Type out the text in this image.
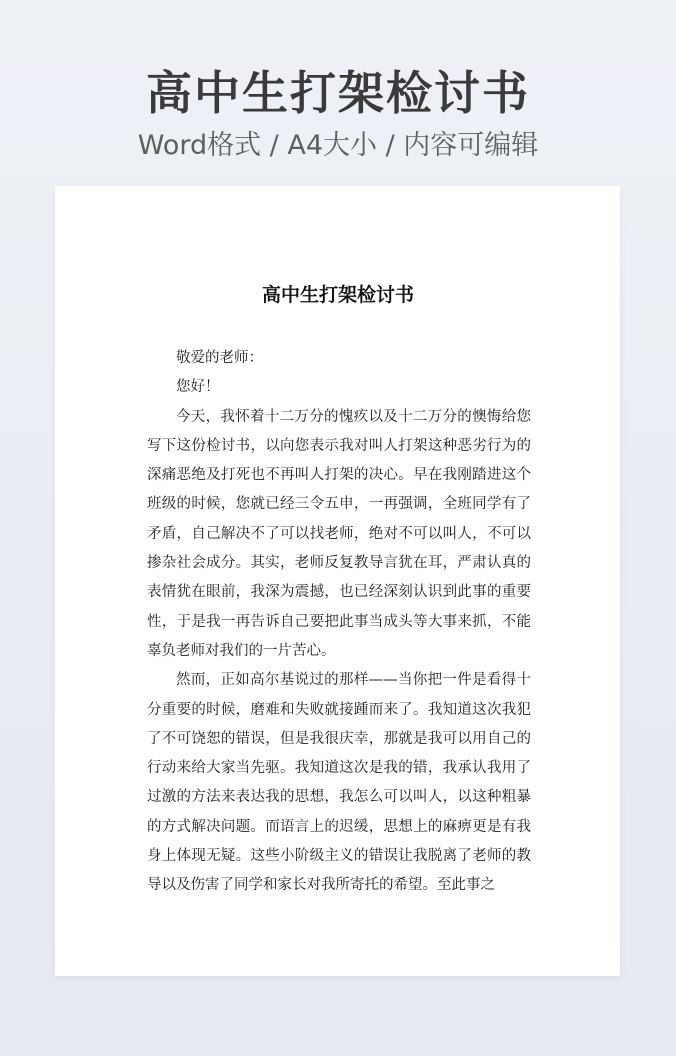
高中生打架检讨书
Word格式 / A4大小 / 内容可编辑
高中生打架检讨书

敬爱的老师：

您好！

今天，我怀着十二万分的愧疚以及十二万分的懊悔给您写下这份检讨书，以向您表示我对叫人打架这种恶劣行为的深痛恶绝及打死也不再叫人打架的决心。早在我刚踏进这个班级的时候，您就已经三令五申，一再强调，全班同学有了矛盾，自己解决不了可以找老师，绝对不可以叫人，不可以掺杂社会成分。其实，老师反复教导言犹在耳，严肃认真的表情犹在眼前，我深为震撼，也已经深刻认识到此事的重要性，于是我一再告诉自己要把此事当成头等大事来抓，不能辜负老师对我们的一片苦心。

然而，正如高尔基说过的那样——当你把一件是看得十分重要的时候，磨难和失败就接踵而来了。我知道这次我犯了不可饶恕的错误，但是我很庆幸，那就是我可以用自己的行动来给大家当先驱。我知道这次是我的错，我承认我用了过激的方法来表达我的思想，我怎么可以叫人，以这种粗暴的方式解决问题。而语言上的迟缓，思想上的麻痹更是有我身上体现无疑。这些小阶级主义的错误让我脱离了老师的教导以及伤害了同学和家长对我所寄托的希望。至此事之
